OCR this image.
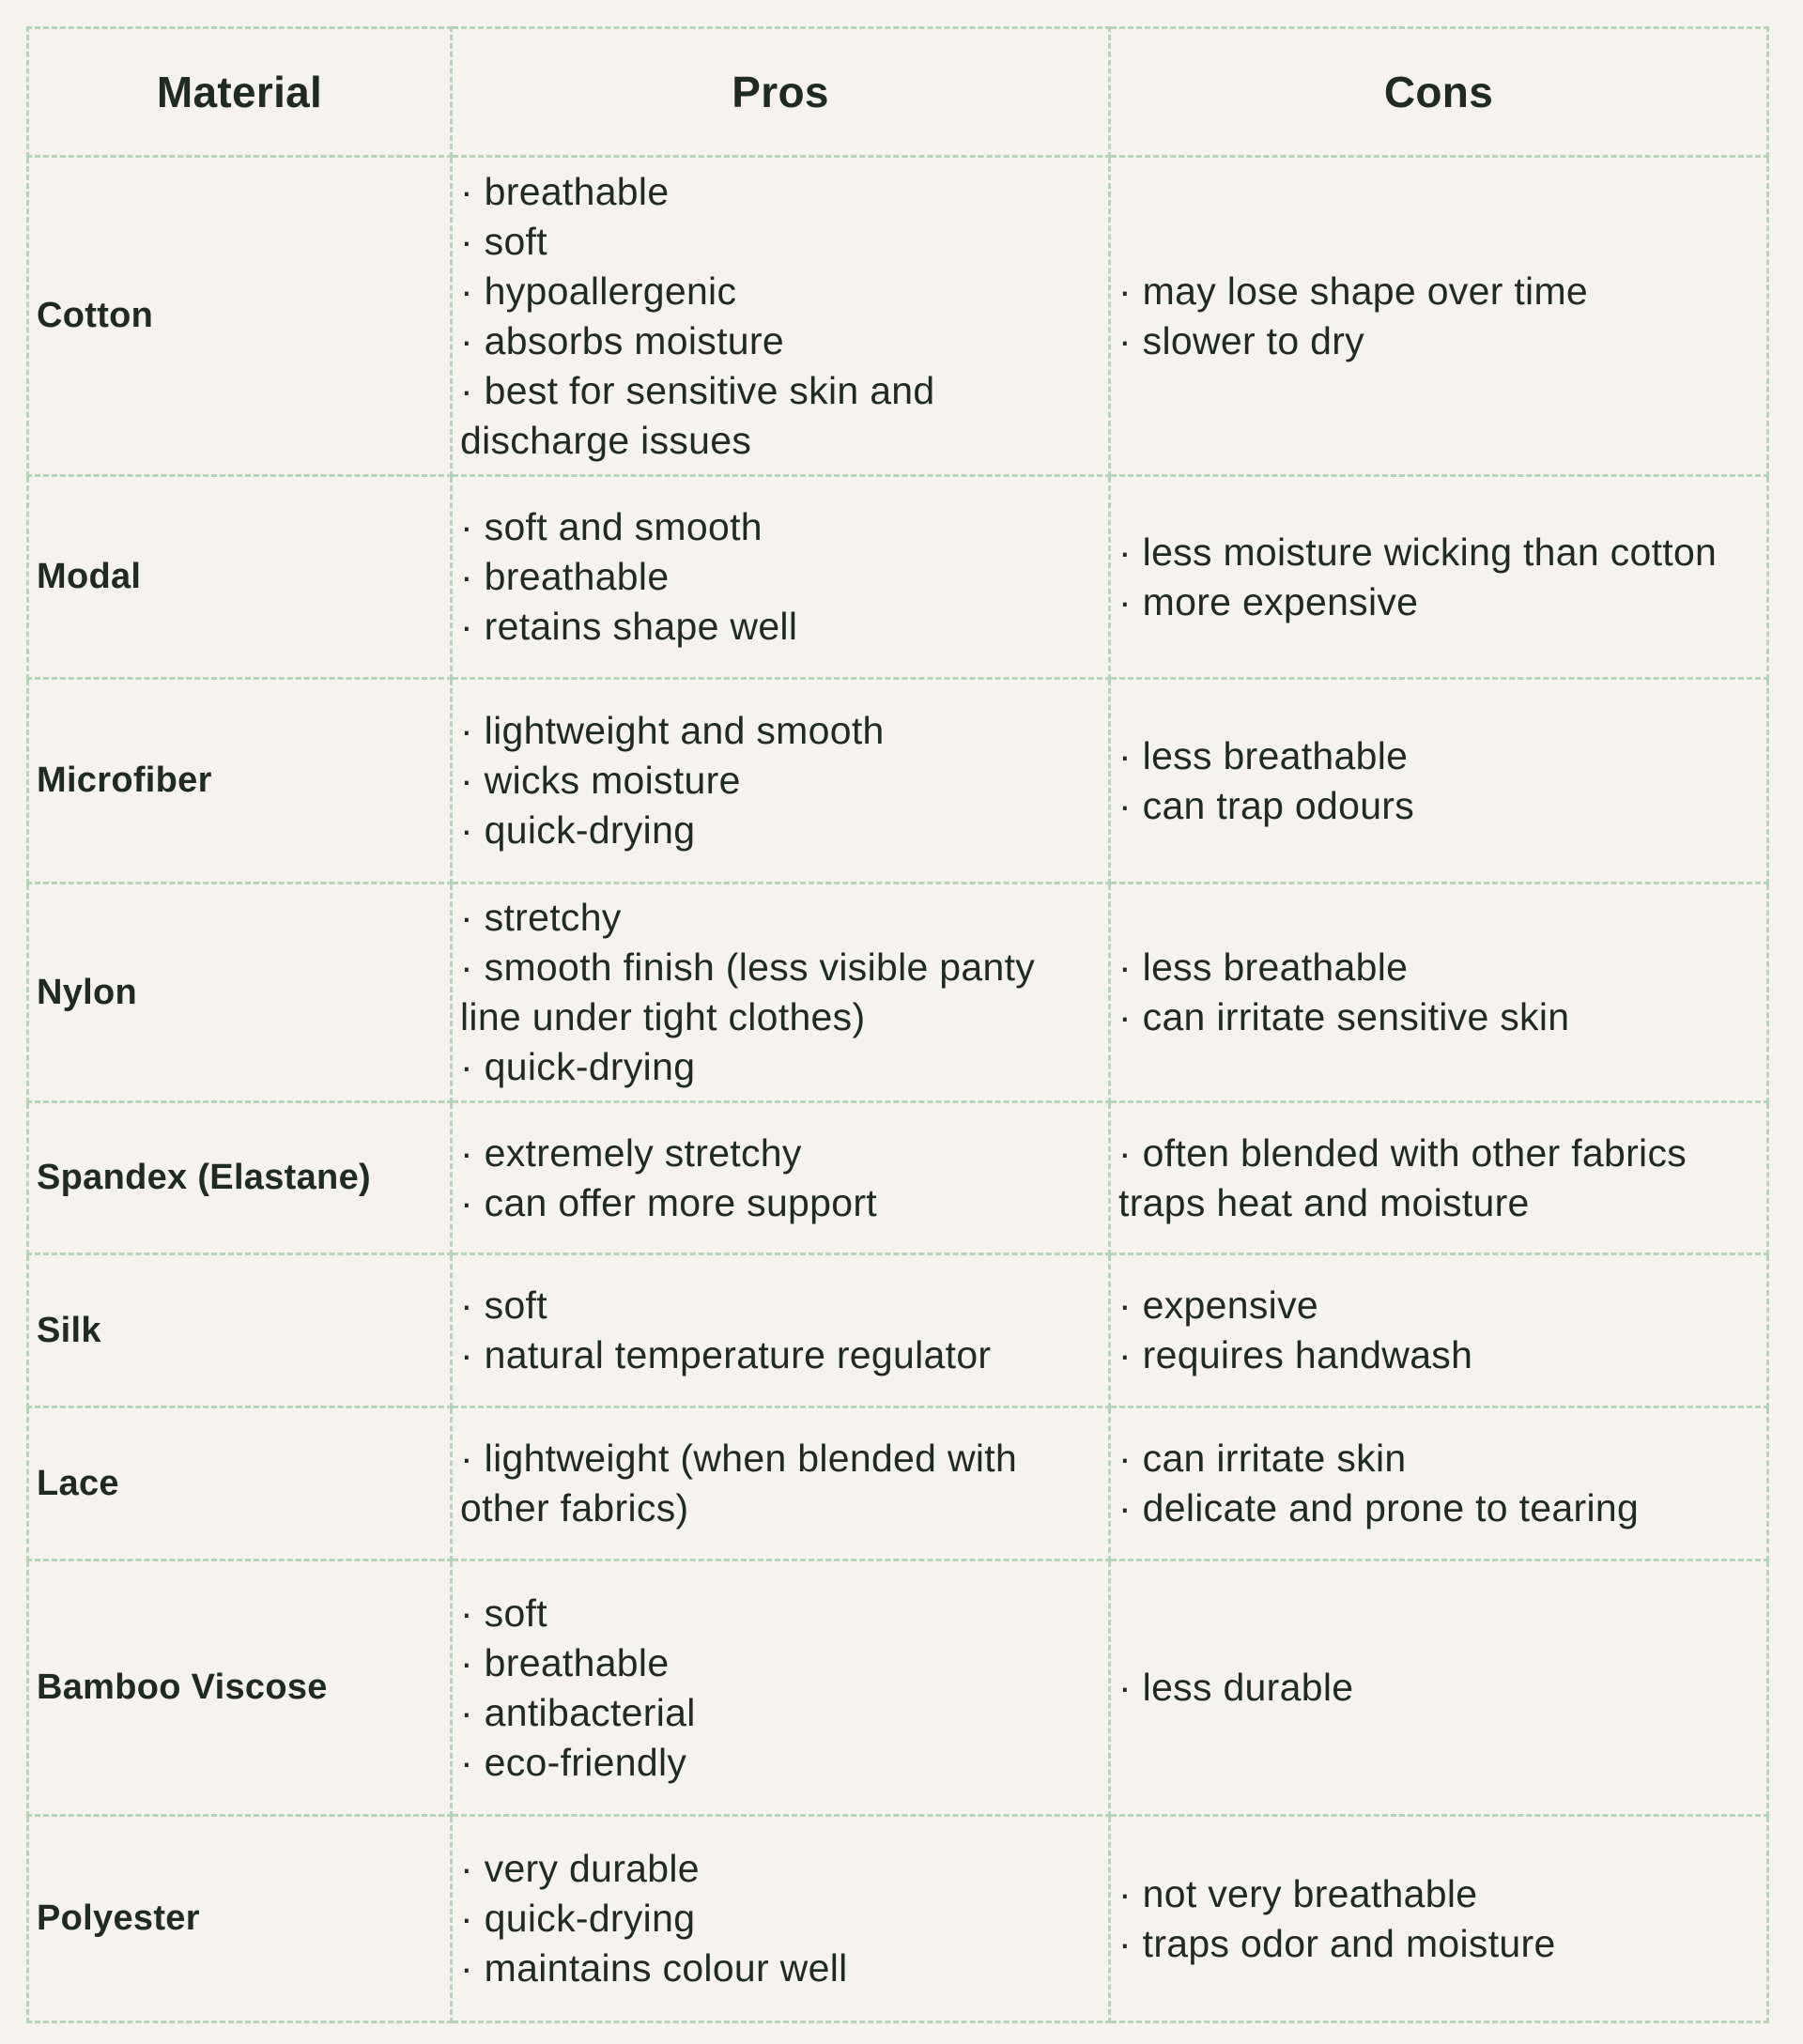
Material	Pros	Cons
Cotton
· breathable
· soft
· hypoallergenic
· absorbs moisture
· best for sensitive skin and discharge issues
· may lose shape over time
· slower to dry
Modal
· soft and smooth
· breathable
· retains shape well
· less moisture wicking than cotton
· more expensive
Microfiber
· lightweight and smooth
· wicks moisture
· quick-drying
· less breathable
· can trap odours
Nylon
· stretchy
· smooth finish (less visible panty line under tight clothes)
· quick-drying
· less breathable
· can irritate sensitive skin
Spandex (Elastane)
· extremely stretchy
· can offer more support
· often blended with other fabrics traps heat and moisture
Silk
· soft
· natural temperature regulator
· expensive
· requires handwash
Lace
· lightweight (when blended with other fabrics)
· can irritate skin
· delicate and prone to tearing
Bamboo Viscose
· soft
· breathable
· antibacterial
· eco-friendly
· less durable
Polyester
· very durable
· quick-drying
· maintains colour well
· not very breathable
· traps odor and moisture
